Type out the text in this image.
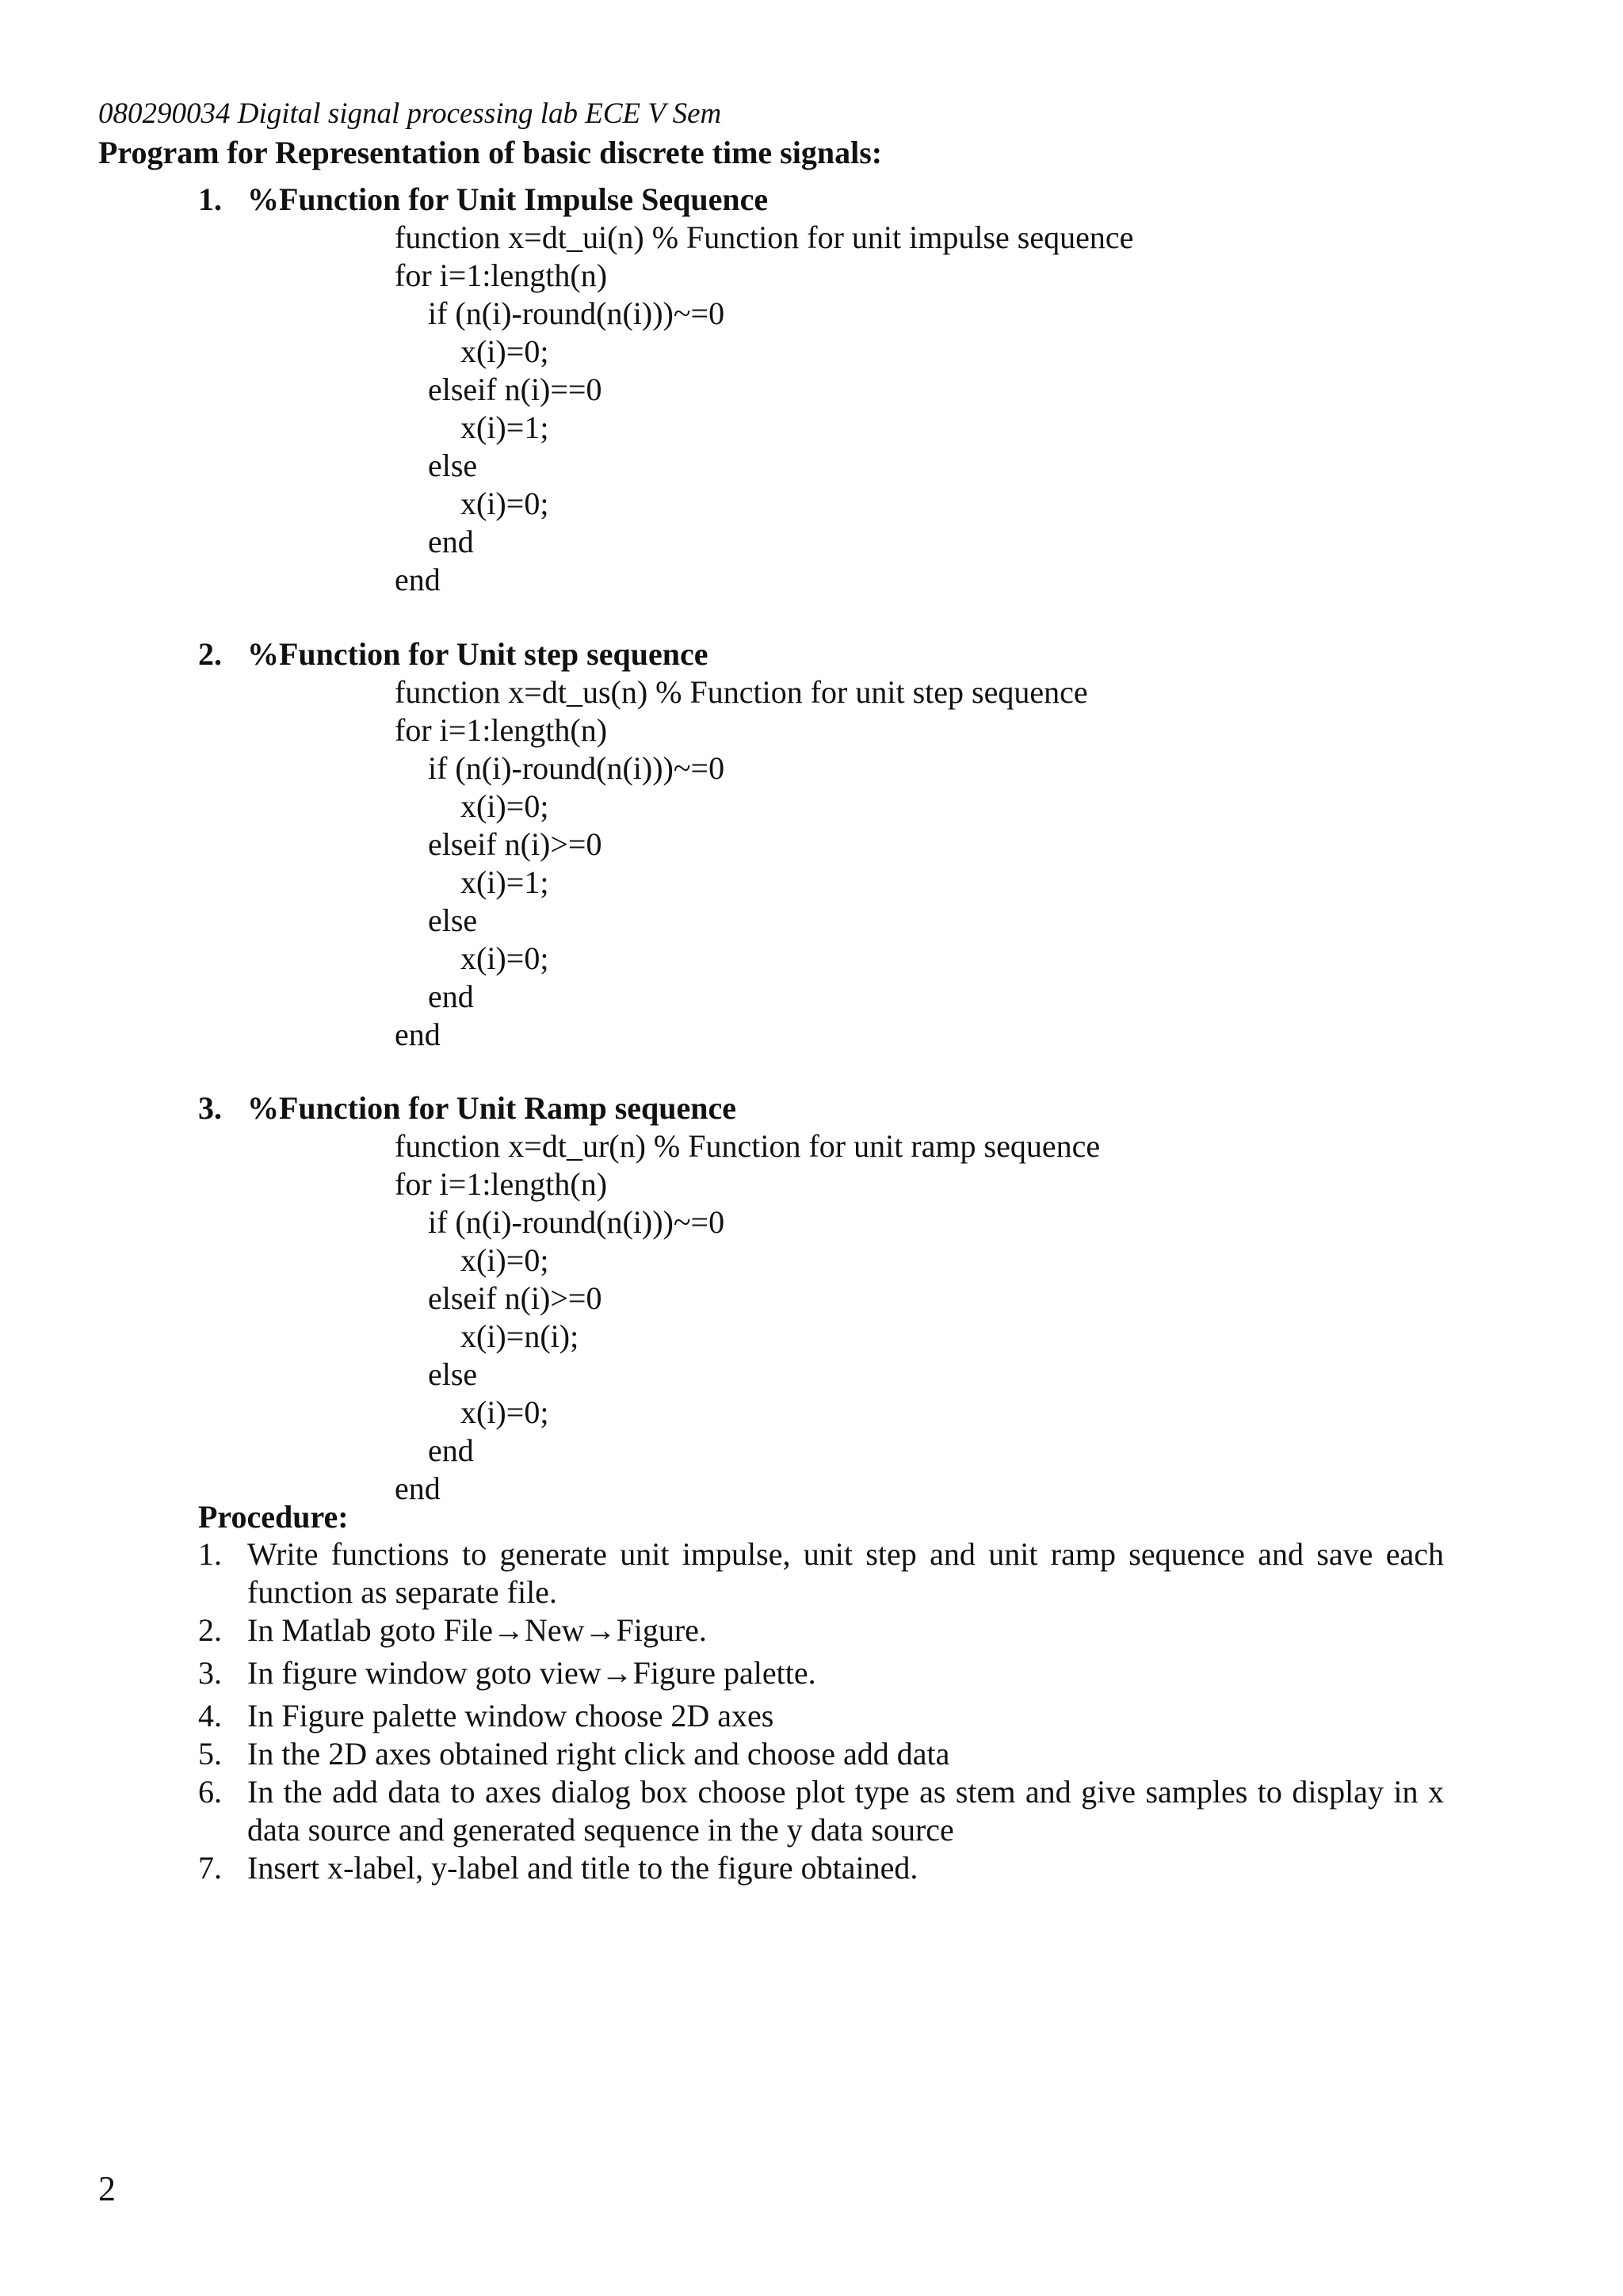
080290034 Digital signal processing lab ECE V Sem
Program for Representation of basic discrete time signals:
1. %Function for Unit Impulse Sequence
function x=dt_ui(n) % Function for unit impulse sequence
for i=1:length(n)
if (n(i)-round(n(i)))~=0
x(i)=0;
elseif n(i)==0
x(i)=1;
else
x(i)=0;
end
end
2. %Function for Unit step sequence
function x=dt_us(n) % Function for unit step sequence
for i=1:length(n)
if (n(i)-round(n(i)))~=0
x(i)=0;
elseif n(i)>=0
x(i)=1;
else
x(i)=0;
end
end
3. %Function for Unit Ramp sequence
function x=dt_ur(n) % Function for unit ramp sequence
for i=1:length(n)
if (n(i)-round(n(i)))~=0
x(i)=0;
elseif n(i)>=0
x(i)=n(i);
else
x(i)=0;
end
end
Procedure:
1. Write functions to generate unit impulse, unit step and unit ramp sequence and save each function as separate file.
2. In Matlab goto File→New→Figure.
3. In figure window goto view→Figure palette.
4. In Figure palette window choose 2D axes
5. In the 2D axes obtained right click and choose add data
6. In the add data to axes dialog box choose plot type as stem and give samples to display in x data source and generated sequence in the y data source
7. Insert x-label, y-label and title to the figure obtained.
2
